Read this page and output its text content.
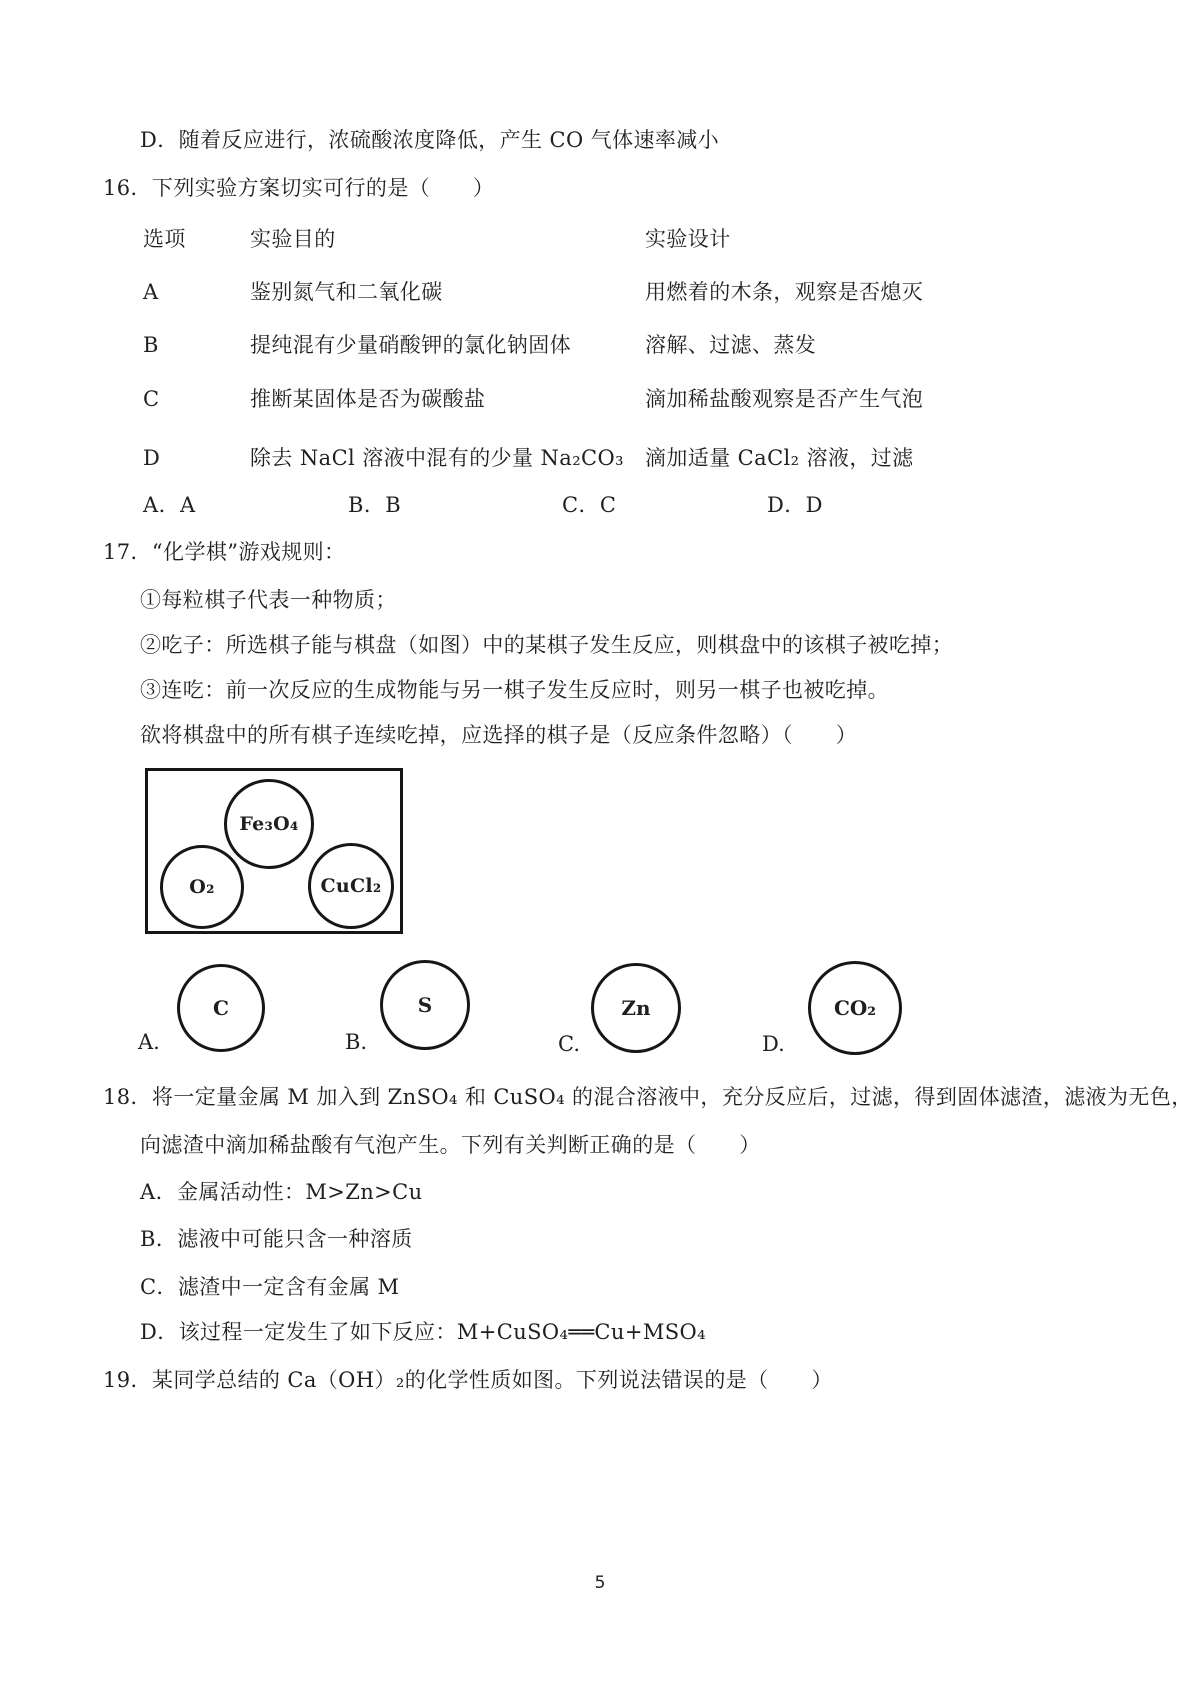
D．随着反应进行，浓硫酸浓度降低，产生 CO 气体速率减小
16．下列实验方案切实可行的是（　　）
选项	实验目的	实验设计
A	鉴别氮气和二氧化碳	用燃着的木条，观察是否熄灭
B	提纯混有少量硝酸钾的氯化钠固体	溶解、过滤、蒸发
C	推断某固体是否为碳酸盐	滴加稀盐酸观察是否产生气泡
D	除去 NaCl 溶液中混有的少量 Na₂CO₃	滴加适量 CaCl₂ 溶液，过滤
A．A	B．B	C．C	D．D
17．“化学棋”游戏规则：
①每粒棋子代表一种物质；
②吃子：所选棋子能与棋盘（如图）中的某棋子发生反应，则棋盘中的该棋子被吃掉；
③连吃：前一次反应的生成物能与另一棋子发生反应时，则另一棋子也被吃掉。
欲将棋盘中的所有棋子连续吃掉，应选择的棋子是（反应条件忽略）（　　）
Fe₃O₄
O₂	CuCl₂
A.
C
B.
S
C.
Zn
D.
CO₂
18．将一定量金属 M 加入到 ZnSO₄ 和 CuSO₄ 的混合溶液中，充分反应后，过滤，得到固体滤渣，滤液为无色，
向滤渣中滴加稀盐酸有气泡产生。下列有关判断正确的是（　　）
A．金属活动性：M>Zn>Cu
B．滤液中可能只含一种溶质
C．滤渣中一定含有金属 M
D．该过程一定发生了如下反应：M+CuSO₄══Cu+MSO₄
19．某同学总结的 Ca（OH）₂的化学性质如图。下列说法错误的是（　　）
5
